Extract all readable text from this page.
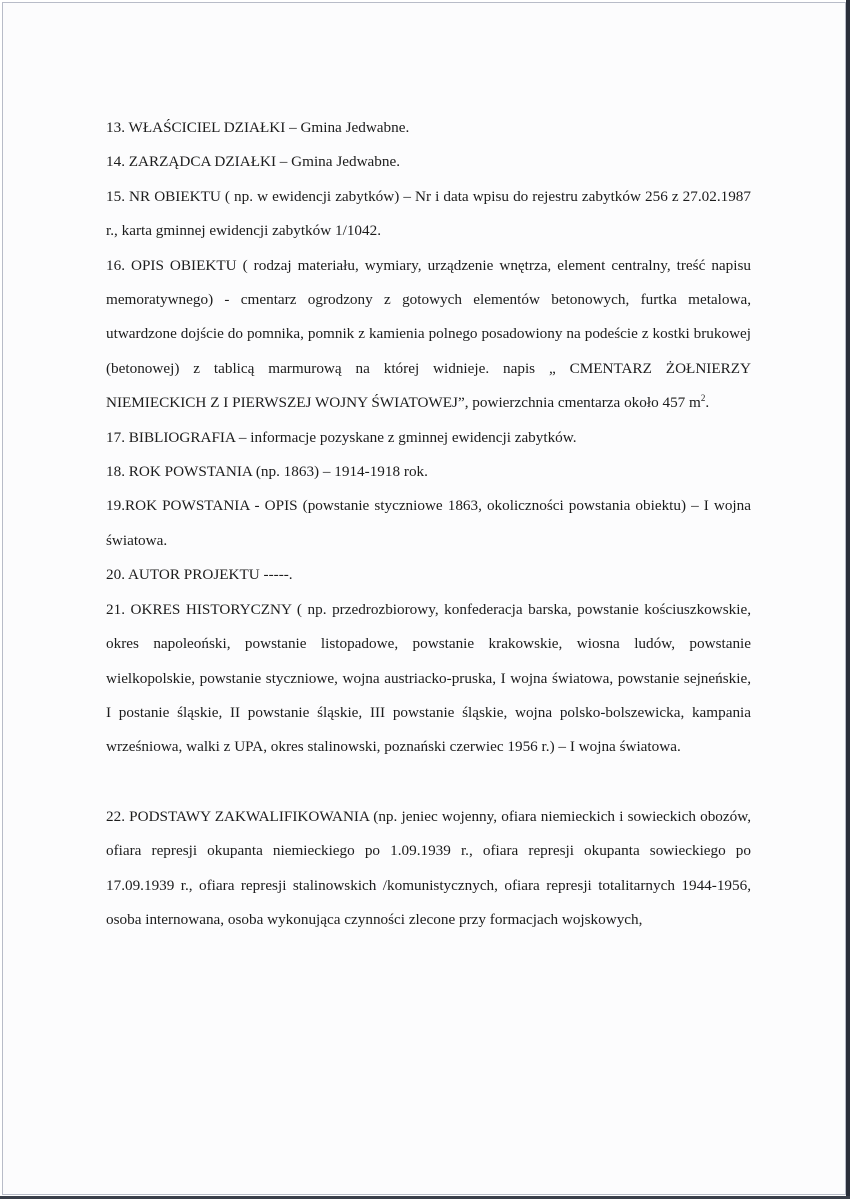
13. WŁAŚCICIEL DZIAŁKI – Gmina Jedwabne.

14. ZARZĄDCA DZIAŁKI – Gmina Jedwabne.

15. NR OBIEKTU ( np. w ewidencji zabytków) – Nr i data wpisu do rejestru zabytków 256 z 27.02.1987 r., karta gminnej ewidencji zabytków 1/1042.

16. OPIS OBIEKTU ( rodzaj materiału, wymiary, urządzenie wnętrza, element centralny, treść napisu memoratywnego) - cmentarz ogrodzony z gotowych elementów betonowych, furtka metalowa, utwardzone dojście do pomnika, pomnik z kamienia polnego posadowiony na podeście z kostki brukowej (betonowej) z tablicą marmurową na której widnieje. napis „ CMENTARZ ŻOŁNIERZY NIEMIECKICH Z I PIERWSZEJ WOJNY ŚWIATOWEJ”, powierzchnia cmentarza około 457 $m^2$.

17. BIBLIOGRAFIA – informacje pozyskane z gminnej ewidencji zabytków.

18. ROK POWSTANIA (np. 1863) – 1914-1918 rok.

19.ROK POWSTANIA - OPIS (powstanie styczniowe 1863, okoliczności powstania obiektu) – I wojna światowa.

20. AUTOR PROJEKTU -----.

21. OKRES HISTORYCZNY ( np. przedrozbiorowy, konfederacja barska, powstanie kościuszkowskie, okres napoleoński, powstanie listopadowe, powstanie krakowskie, wiosna ludów, powstanie wielkopolskie, powstanie styczniowe, wojna austriacko-pruska, I wojna światowa, powstanie sejneńskie, I postanie śląskie, II powstanie śląskie, III powstanie śląskie, wojna polsko-bolszewicka, kampania wrześniowa, walki z UPA, okres stalinowski, poznański czerwiec 1956 r.) – I wojna światowa.

22. PODSTAWY ZAKWALIFIKOWANIA (np. jeniec wojenny, ofiara niemieckich i sowieckich obozów, ofiara represji okupanta niemieckiego po 1.09.1939 r., ofiara represji okupanta sowieckiego po 17.09.1939 r., ofiara represji stalinowskich /komunistycznych, ofiara represji totalitarnych 1944-1956, osoba internowana, osoba wykonująca czynności zlecone przy formacjach wojskowych,
